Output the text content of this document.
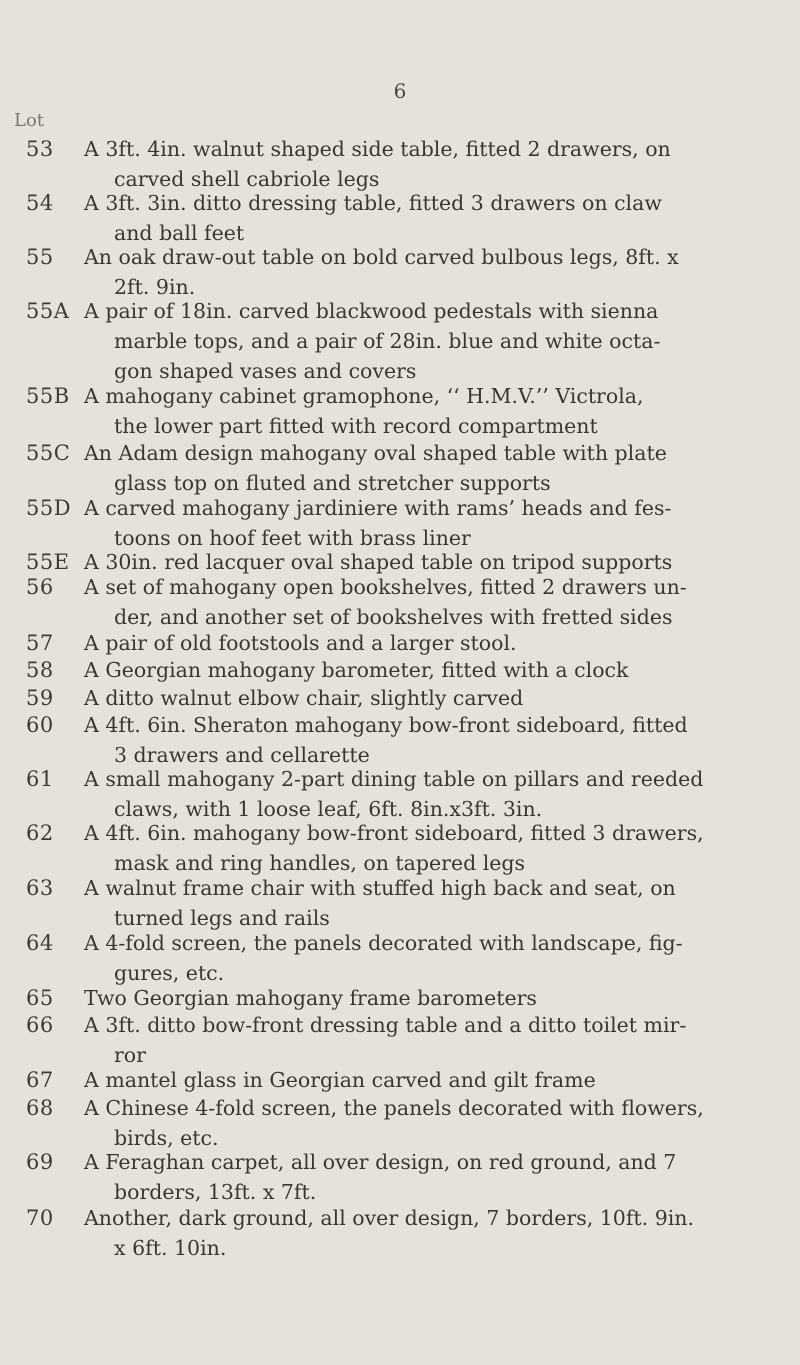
6
Lot
53	A 3ft. 4in. walnut shaped side table, fitted 2 drawers, on
carved shell cabriole legs
54	A 3ft. 3in. ditto dressing table, fitted 3 drawers on claw
and ball feet
55	An oak draw-out table on bold carved bulbous legs, 8ft. x
2ft. 9in.
55A A pair of 18in. carved blackwood pedestals with sienna
marble tops, and a pair of 28in. blue and white octa-
gon shaped vases and covers
55B A mahogany cabinet gramophone, ‘‘ H.M.V.’’ Victrola,
the lower part fitted with record compartment
55C An Adam design mahogany oval shaped table with plate
glass top on fluted and stretcher supports
55D A carved mahogany jardiniere with rams’ heads and fes-
toons on hoof feet with brass liner
55E A 30in. red lacquer oval shaped table on tripod supports
56	A set of mahogany open bookshelves, fitted 2 drawers un-
der, and another set of bookshelves with fretted sides
57	A pair of old footstools and a larger stool.
58	A Georgian mahogany barometer, fitted with a clock
59	A ditto walnut elbow chair, slightly carved
60	A 4ft. 6in. Sheraton mahogany bow-front sideboard, fitted
3 drawers and cellarette
61	A small mahogany 2-part dining table on pillars and reeded
claws, with 1 loose leaf, 6ft. 8in.x3ft. 3in.
62	A 4ft. 6in. mahogany bow-front sideboard, fitted 3 drawers,
mask and ring handles, on tapered legs
63	A walnut frame chair with stuffed high back and seat, on
turned legs and rails
64	A 4-fold screen, the panels decorated with landscape, fig-
gures, etc.
65	Two Georgian mahogany frame barometers
66	A 3ft. ditto bow-front dressing table and a ditto toilet mir-
ror
67	A mantel glass in Georgian carved and gilt frame
68	A Chinese 4-fold screen, the panels decorated with flowers,
birds, etc.
69	A Feraghan carpet, all over design, on red ground, and 7
borders, 13ft. x 7ft.
70	Another, dark ground, all over design, 7 borders, 10ft. 9in.
x 6ft. 10in.
